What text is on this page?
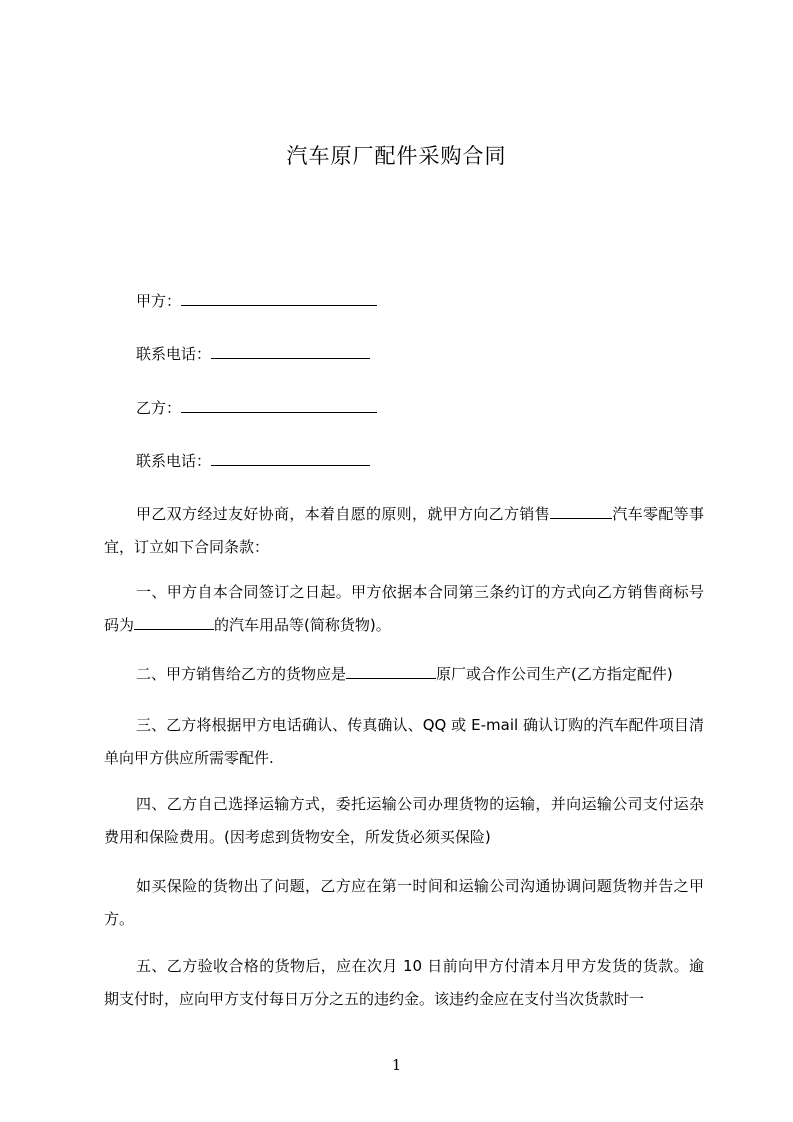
汽车原厂配件采购合同
甲方：
联系电话：
乙方：
联系电话：
甲乙双方经过友好协商，本着自愿的原则，就甲方向乙方销售	汽车零配等事宜，订立如下合同条款：
一、甲方自本合同签订之日起。甲方依据本合同第三条约订的方式向乙方销售商标号码为	的汽车用品等(简称货物)。
二、甲方销售给乙方的货物应是	原厂或合作公司生产(乙方指定配件)
三、乙方将根据甲方电话确认、传真确认、QQ 或 E-mail 确认订购的汽车配件项目清单向甲方供应所需零配件.
四、乙方自己选择运输方式，委托运输公司办理货物的运输，并向运输公司支付运杂费用和保险费用。(因考虑到货物安全，所发货必须买保险)
如买保险的货物出了问题，乙方应在第一时间和运输公司沟通协调问题货物并告之甲方。
五、乙方验收合格的货物后，应在次月 10 日前向甲方付清本月甲方发货的货款。逾期支付时，应向甲方支付每日万分之五的违约金。该违约金应在支付当次货款时一
1
